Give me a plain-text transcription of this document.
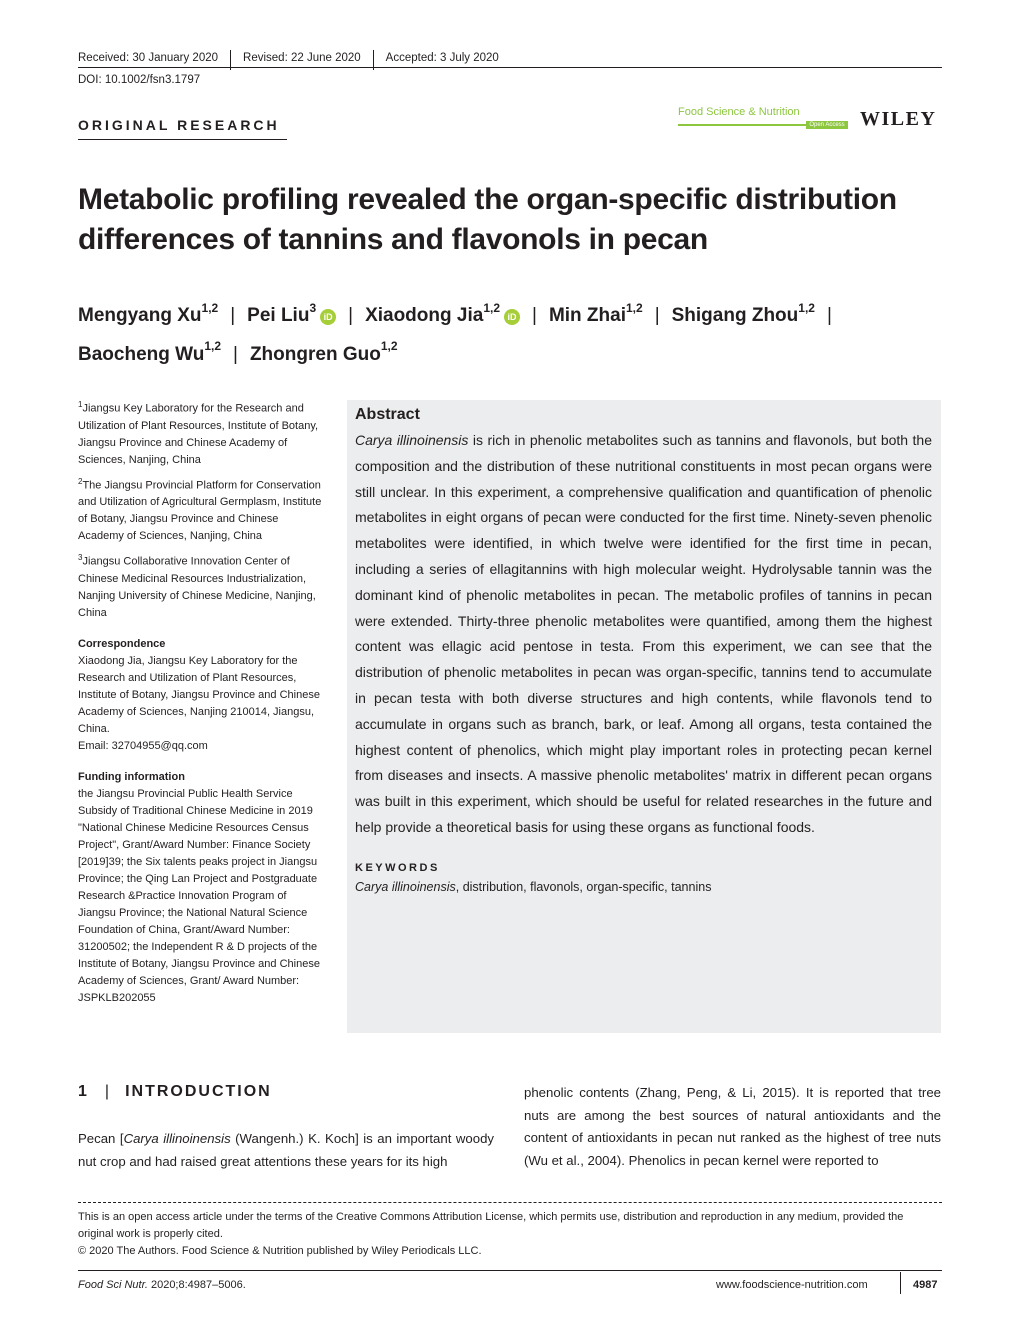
Received: 30 January 2020 Revised: 22 June 2020 Accepted: 3 July 2020
DOI: 10.1002/fsn3.1797
ORIGINAL RESEARCH
Food Science & Nutrition
Open Access WILEY
Metabolic profiling revealed the organ-specific distribution differences of tannins and flavonols in pecan
Mengyang Xu$^{1,2}$ | Pei Liu$^3$iD | Xiaodong Jia$^{1,2}$iD | Min Zhai$^{1,2}$ | Shigang Zhou$^{1,2}$ |
Baocheng Wu$^{1,2}$ | Zhongren Guo$^{1,2}$

$^1$Jiangsu Key Laboratory for the Research and Utilization of Plant Resources, Institute of Botany, Jiangsu Province and Chinese Academy of Sciences, Nanjing, China

$^2$The Jiangsu Provincial Platform for Conservation and Utilization of Agricultural Germplasm, Institute of Botany, Jiangsu Province and Chinese Academy of Sciences, Nanjing, China

$^3$Jiangsu Collaborative Innovation Center of Chinese Medicinal Resources Industrialization, Nanjing University of Chinese Medicine, Nanjing, China

Correspondence

Xiaodong Jia, Jiangsu Key Laboratory for the Research and Utilization of Plant Resources, Institute of Botany, Jiangsu Province and Chinese Academy of Sciences, Nanjing 210014, Jiangsu, China.

Email: 32704955@qq.com

Funding information

the Jiangsu Provincial Public Health Service Subsidy of Traditional Chinese Medicine in 2019 "National Chinese Medicine Resources Census Project", Grant/Award Number: Finance Society [2019]39; the Six talents peaks project in Jiangsu Province; the Qing Lan Project and Postgraduate Research &Practice Innovation Program of Jiangsu Province; the National Natural Science Foundation of China, Grant/Award Number: 31200502; the Independent R & D projects of the Institute of Botany, Jiangsu Province and Chinese Academy of Sciences, Grant/ Award Number: JSPKLB202055

Abstract
Carya illinoinensis is rich in phenolic metabolites such as tannins and flavonols, but both the composition and the distribution of these nutritional constituents in most pecan organs were still unclear. In this experiment, a comprehensive qualification and quantification of phenolic metabolites in eight organs of pecan were conducted for the first time. Ninety-seven phenolic metabolites were identified, in which twelve were identified for the first time in pecan, including a series of ellagitannins with high molecular weight. Hydrolysable tannin was the dominant kind of phenolic metabolites in pecan. The metabolic profiles of tannins in pecan were extended. Thirty-three phenolic metabolites were quantified, among them the highest content was ellagic acid pentose in testa. From this experiment, we can see that the distribution of phenolic metabolites in pecan was organ-specific, tannins tend to accumulate in pecan testa with both diverse structures and high contents, while flavonols tend to accumulate in organs such as branch, bark, or leaf. Among all organs, testa contained the highest content of phenolics, which might play important roles in protecting pecan kernel from diseases and insects. A massive phenolic metabolites' matrix in different pecan organs was built in this experiment, which should be useful for related researches in the future and help provide a theoretical basis for using these organs as functional foods.
KEYWORDS
Carya illinoinensis, distribution, flavonols, organ-specific, tannins
1 | INTRODUCTION
Pecan [Carya illinoinensis (Wangenh.) K. Koch] is an important woody nut crop and had raised great attentions these years for its high
phenolic contents (Zhang, Peng, & Li, 2015). It is reported that tree nuts are among the best sources of natural antioxidants and the content of antioxidants in pecan nut ranked as the highest of tree nuts (Wu et al., 2004). Phenolics in pecan kernel were reported to

This is an open access article under the terms of the Creative Commons Attribution License, which permits use, distribution and reproduction in any medium, provided the original work is properly cited.

© 2020 The Authors. Food Science & Nutrition published by Wiley Periodicals LLC.

Food Sci Nutr. 2020;8:4987–5006.	www.foodscience-nutrition.com	4987
